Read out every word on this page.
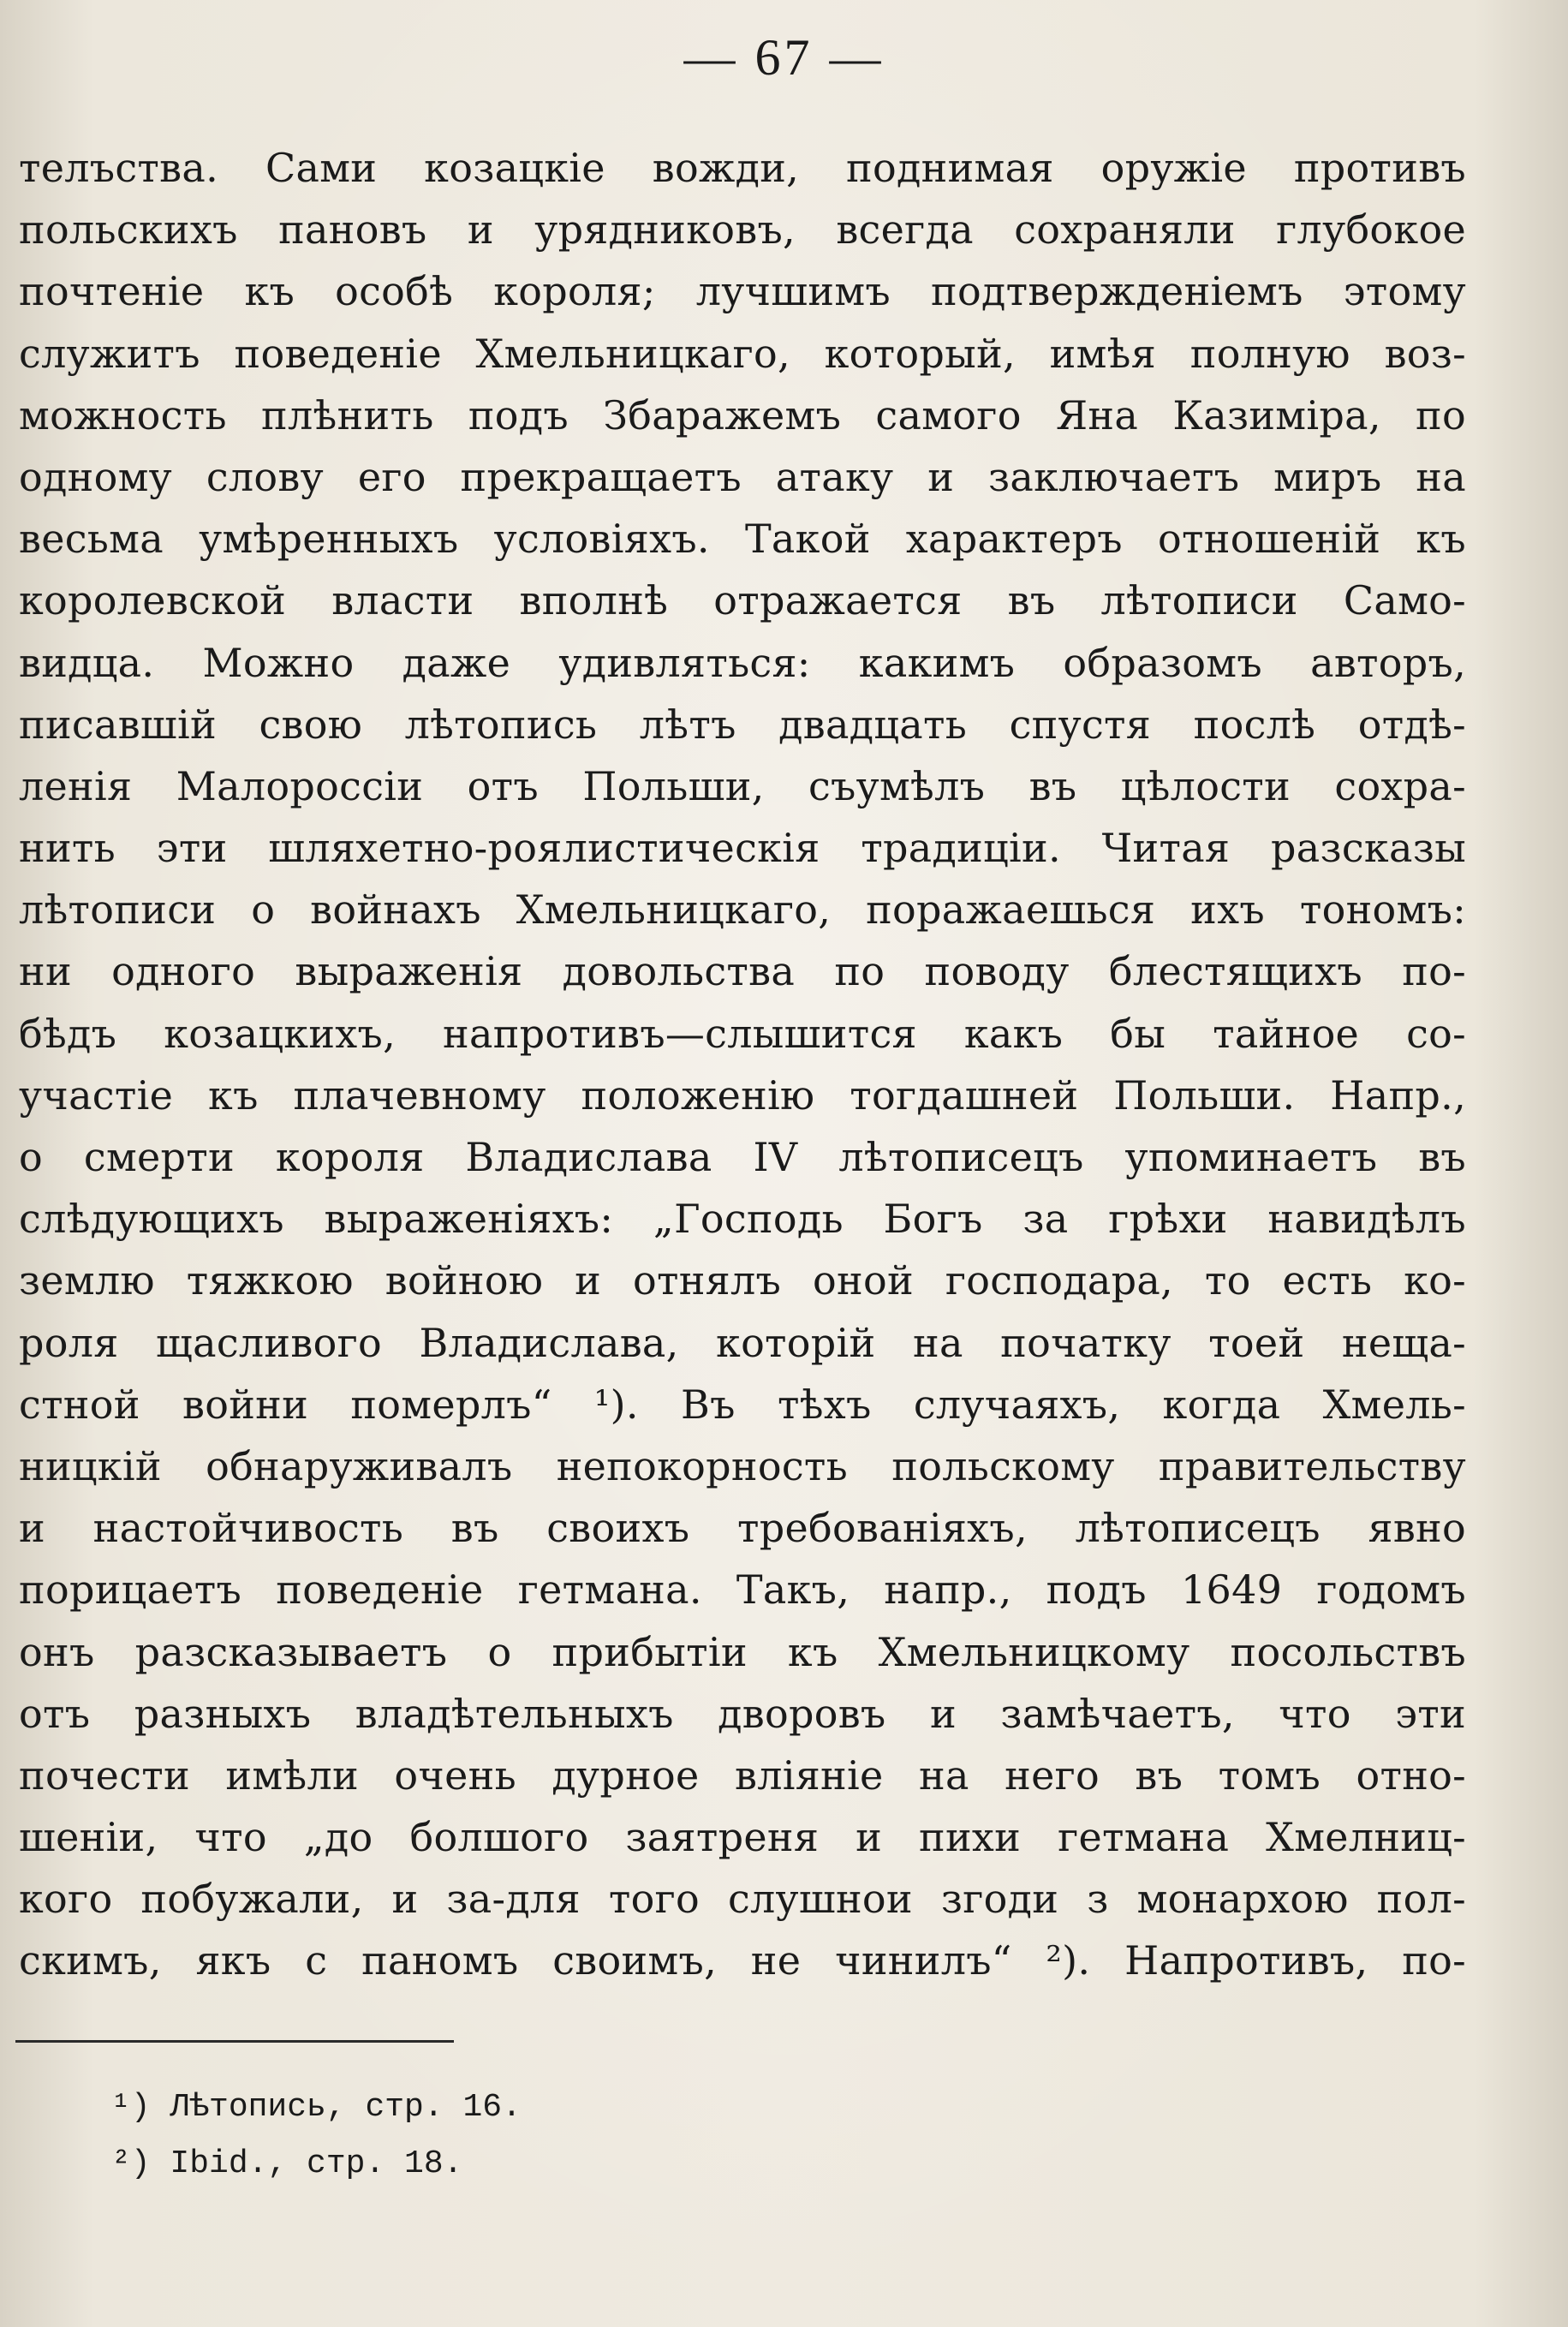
— 67 —
телъства. Сами козацкіе вожди, поднимая оружіе противъ
польскихъ пановъ и урядниковъ, всегда сохраняли глубокое
почтеніе къ особѣ короля; лучшимъ подтвержденіемъ этому
служитъ поведеніе Хмельницкаго, который, имѣя полную воз-
можность плѣнить подъ Збаражемъ самого Яна Казиміра, по
одному слову его прекращаетъ атаку и заключаетъ миръ на
весьма умѣренныхъ условіяхъ. Такой характеръ отношеній къ
королевской власти вполнѣ отражается въ лѣтописи Само-
видца. Можно даже удивляться: какимъ образомъ авторъ,
писавшій свою лѣтопись лѣтъ двадцать спустя послѣ отдѣ-
ленія Малороссіи отъ Польши, съумѣлъ въ цѣлости сохра-
нить эти шляхетно-роялистическія традиціи. Читая разсказы
лѣтописи о войнахъ Хмельницкаго, поражаешься ихъ тономъ:
ни одного выраженія довольства по поводу блестящихъ по-
бѣдъ козацкихъ, напротивъ—слышится какъ бы тайное со-
участіе къ плачевному положенію тогдашней Польши. Напр.,
о смерти короля Владислава IV лѣтописецъ упоминаетъ въ
слѣдующихъ выраженіяхъ: „Господь Богъ за грѣхи навидѣлъ
землю тяжкою войною и отнялъ оной господара, то есть ко-
роля щасливого Владислава, которій на початку тоей нещa-
стной войни померлъ“ ¹). Въ тѣхъ случаяхъ, когда Хмель-
ницкій обнаруживалъ непокорность польскому правительству
и настойчивость въ своихъ требованіяхъ, лѣтописецъ явно
порицаетъ поведеніе гетмана. Такъ, напр., подъ 1649 годомъ
онъ разсказываетъ о прибытіи къ Хмельницкому посольствъ
отъ разныхъ владѣтельныхъ дворовъ и замѣчаетъ, что эти
почести имѣли очень дурное вліяніе на него въ томъ отно-
шеніи, что „до болшого заятреня и пихи гетмана Хмелниц-
кого побужали, и за-для того слушнои згоди з монархою пол-
скимъ, якъ с паномъ своимъ, не чинилъ“ ²). Напротивъ, по-
¹) Лѣтопись, стр. 16.
²) Ibid., стр. 18.
